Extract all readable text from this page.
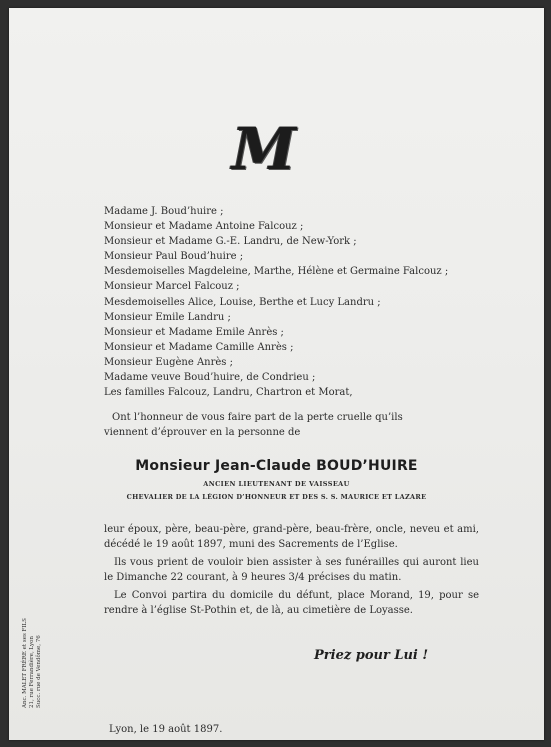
M
Madame J. Boud’huire ;
Monsieur et Madame Antoine Falcouz ;
Monsieur et Madame G.-E. Landru, de New-York ;
Monsieur Paul Boud’huire ;
Mesdemoiselles Magdeleine, Marthe, Hélène et Germaine Falcouz ;
Monsieur Marcel Falcouz ;
Mesdemoiselles Alice, Louise, Berthe et Lucy Landru ;
Monsieur Emile Landru ;
Monsieur et Madame Emile Anrès ;
Monsieur et Madame Camille Anrès ;
Monsieur Eugène Anrès ;
Madame veuve Boud’huire, de Condrieu ;
Les familles Falcouz, Landru, Chartron et Morat,
Ont l’honneur de vous faire part de la perte cruelle qu’ils
viennent d’éprouver en la personne de
Monsieur Jean-Claude BOUD’HUIRE
ANCIEN LIEUTENANT DE VAISSEAU
CHEVALIER DE LA LÉGION D’HONNEUR ET DES S. S. MAURICE ET LAZARE

leur époux, père, beau-père, grand-père, beau-frère, oncle, neveu et ami, décédé le 19 août 1897, muni des Sacrements de l’Eglise.

Ils vous prient de vouloir bien assister à ses funérailles qui auront lieu le Dimanche 22 courant, à 9 heures 3/4 précises du matin.

Le Convoi partira du domicile du défunt, place Morand, 19, pour se rendre à l’église St-Pothin et, de là, au cimetière de Loyasse.

Priez pour Lui !
Anc. MALET FRÈRE et ses FILS 21, rue Ferrandière, Lyon Succ. rue de Vendôme, 76
Lyon, le 19 août 1897.
